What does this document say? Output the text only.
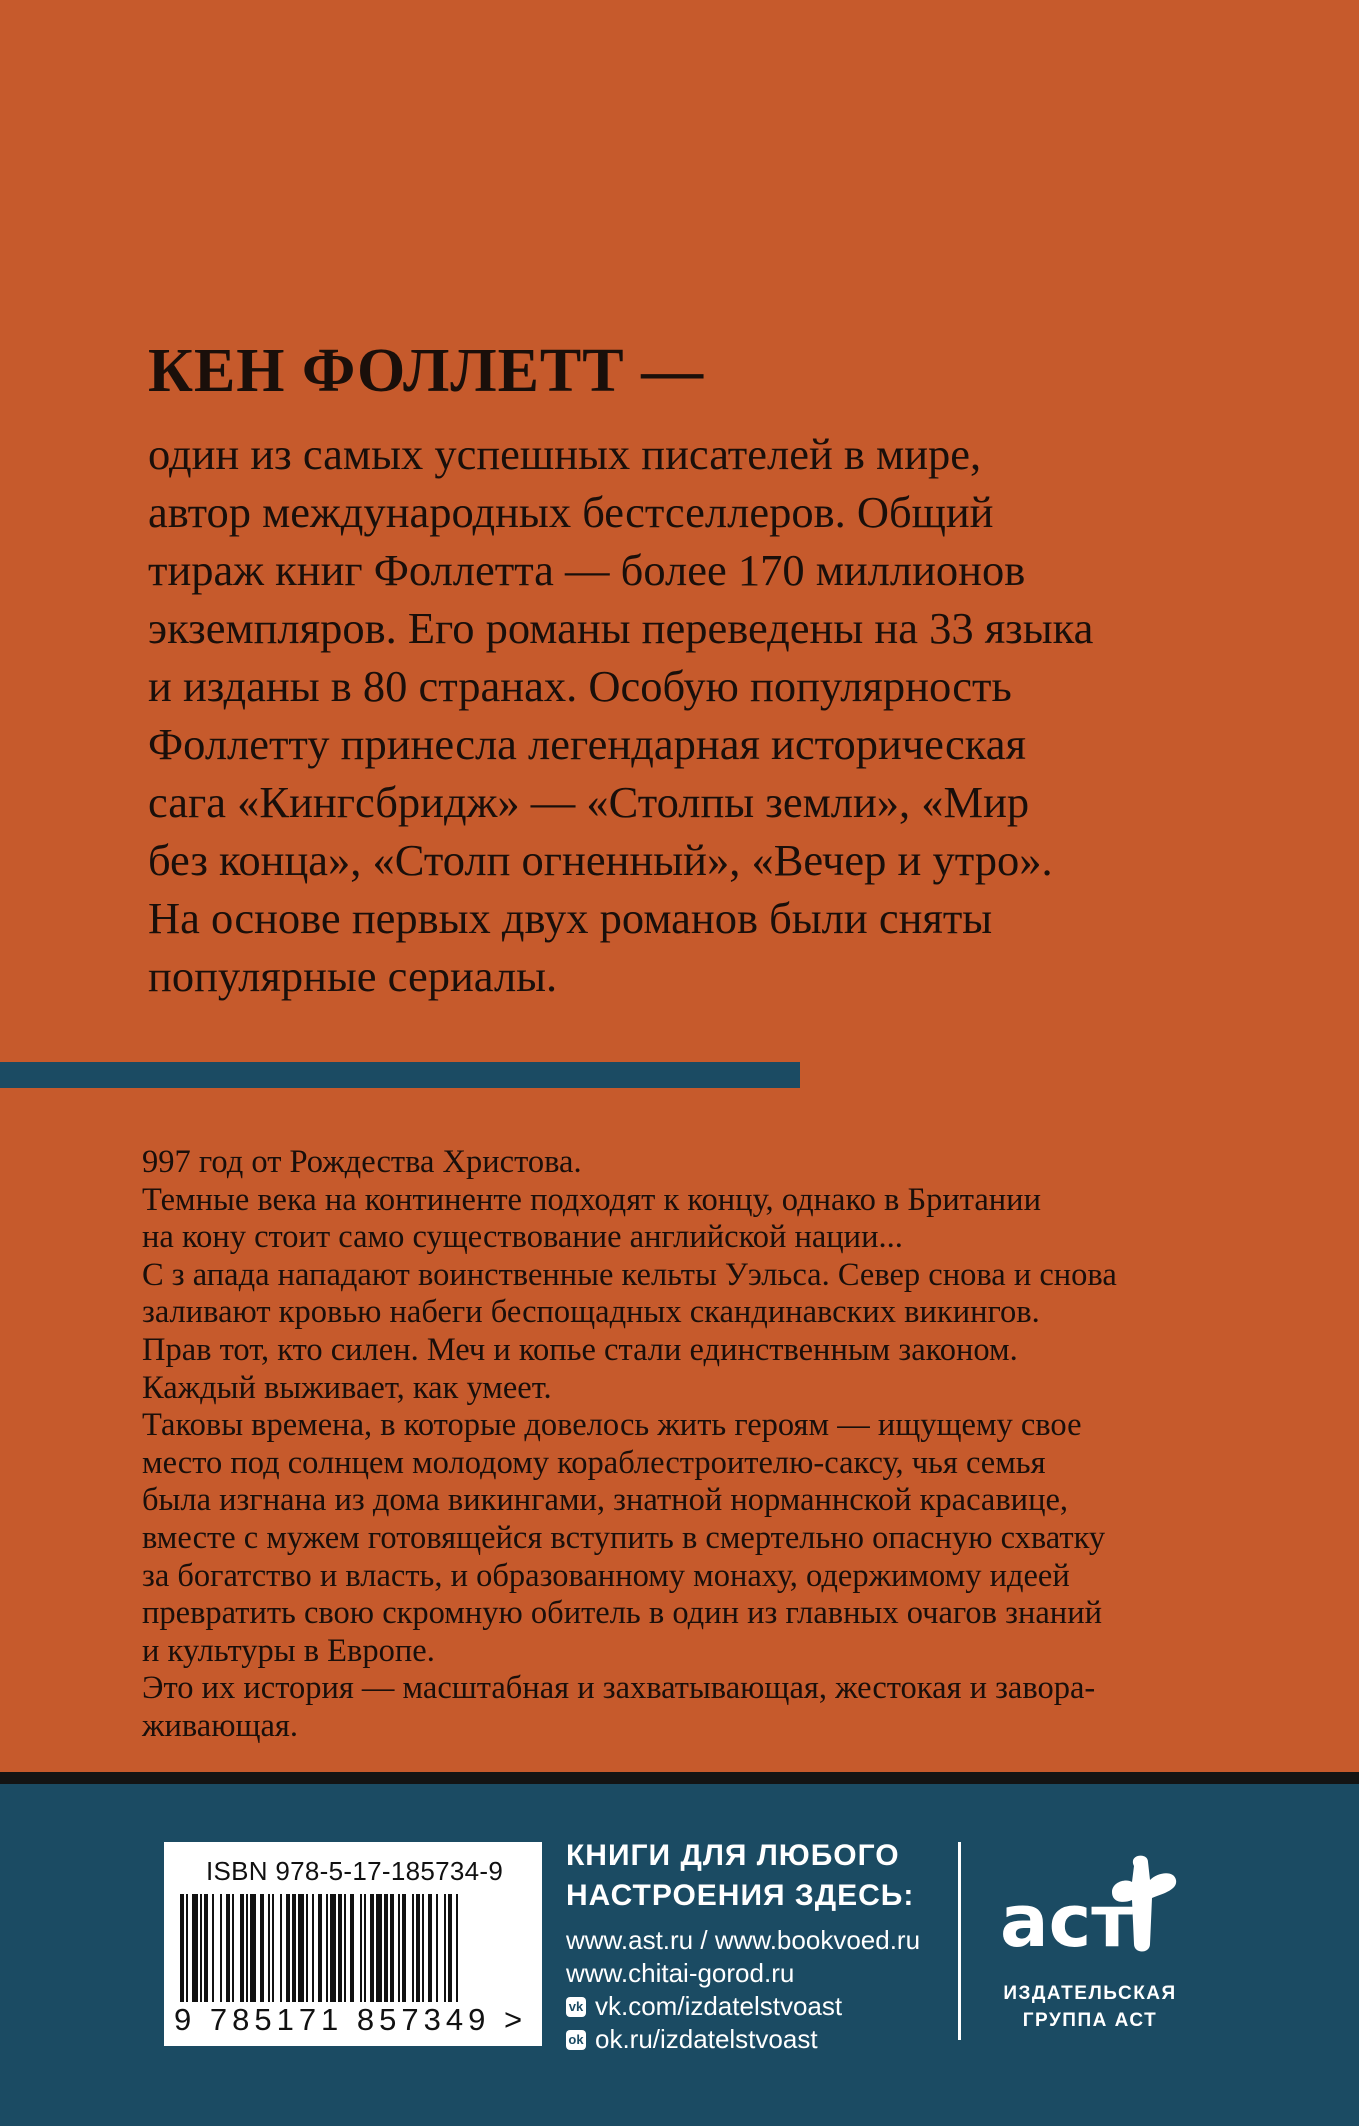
КЕН ФОЛЛЕТТ —
один из самых успешных писателей в мире,
автор международных бестселлеров. Общий
тираж книг Фоллетта — более 170 миллионов
экземпляров. Его романы переведены на 33 языка
и изданы в 80 странах. Особую популярность
Фоллетту принесла легендарная историческая
сага «Кингсбридж» — «Столпы земли», «Мир
без конца», «Столп огненный», «Вечер и утро».
На основе первых двух романов были сняты
популярные сериалы.
997 год от Рождества Христова.
Темные века на континенте подходят к концу, однако в Британии
на кону стоит само существование английской нации...
С з апада нападают воинственные кельты Уэльса. Север снова и снова
заливают кровью набеги беспощадных скандинавских викингов.
Прав тот, кто силен. Меч и копье стали единственным законом.
Каждый выживает, как умеет.
Таковы времена, в которые довелось жить героям — ищущему свое
место под солнцем молодому кораблестроителю-саксу, чья семья
была изгнана из дома викингами, знатной норманнской красавице,
вместе с мужем готовящейся вступить в смертельно опасную схватку
за богатство и власть, и образованному монаху, одержимому идеей
превратить свою скромную обитель в один из главных очагов знаний
и культуры в Европе.
Это их история — масштабная и захватывающая, жестокая и завора-
живающая.
ISBN 978-5-17-185734-9
9 785171 857349 >
КНИГИ ДЛЯ ЛЮБОГО
НАСТРОЕНИЯ ЗДЕСЬ:
www.ast.ru / www.bookvoed.ru
www.chitai-gorod.ru
vk vk.com/izdatelstvoast
ok ok.ru/izdatelstvoast
аст
ИЗДАТЕЛЬСКАЯ
ГРУППА АСТ
